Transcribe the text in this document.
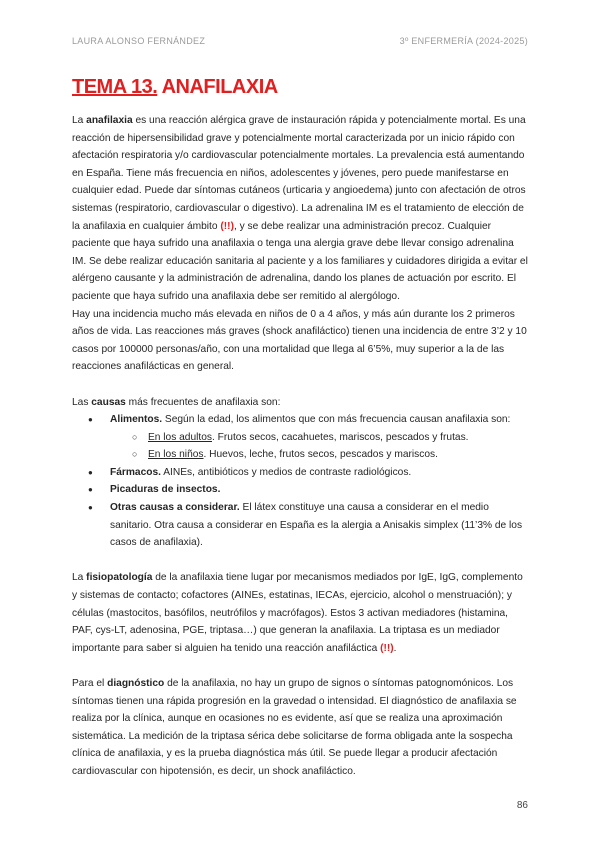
LAURA ALONSO FERNÁNDEZ	3º ENFERMERÍA (2024-2025)
TEMA 13. ANAFILAXIA

La anafilaxia es una reacción alérgica grave de instauración rápida y potencialmente mortal. Es una reacción de hipersensibilidad grave y potencialmente mortal caracterizada por un inicio rápido con afectación respiratoria y/o cardiovascular potencialmente mortales. La prevalencia está aumentando en España. Tiene más frecuencia en niños, adolescentes y jóvenes, pero puede manifestarse en cualquier edad. Puede dar síntomas cutáneos (urticaria y angioedema) junto con afectación de otros sistemas (respiratorio, cardiovascular o digestivo). La adrenalina IM es el tratamiento de elección de la anafilaxia en cualquier ámbito (!!), y se debe realizar una administración precoz. Cualquier paciente que haya sufrido una anafilaxia o tenga una alergia grave debe llevar consigo adrenalina IM. Se debe realizar educación sanitaria al paciente y a los familiares y cuidadores dirigida a evitar el alérgeno causante y la administración de adrenalina, dando los planes de actuación por escrito. El paciente que haya sufrido una anafilaxia debe ser remitido al alergólogo.

Hay una incidencia mucho más elevada en niños de 0 a 4 años, y más aún durante los 2 primeros años de vida. Las reacciones más graves (shock anafiláctico) tienen una incidencia de entre 3’2 y 10 casos por 100000 personas/año, con una mortalidad que llega al 6’5%, muy superior a la de las reacciones anafilácticas en general.

Las causas más frecuentes de anafilaxia son:

● Alimentos. Según la edad, los alimentos que con más frecuencia causan anafilaxia son:
○ En los adultos. Frutos secos, cacahuetes, mariscos, pescados y frutas.
○ En los niños. Huevos, leche, frutos secos, pescados y mariscos.
● Fármacos. AINEs, antibióticos y medios de contraste radiológicos.
● Picaduras de insectos.
● Otras causas a considerar. El látex constituye una causa a considerar en el medio sanitario. Otra causa a considerar en España es la alergia a Anisakis simplex (11’3% de los casos de anafilaxia).

La fisiopatología de la anafilaxia tiene lugar por mecanismos mediados por IgE, IgG, complemento y sistemas de contacto; cofactores (AINEs, estatinas, IECAs, ejercicio, alcohol o menstruación); y células (mastocitos, basófilos, neutrófilos y macrófagos). Estos 3 activan mediadores (histamina, PAF, cys-LT, adenosina, PGE, triptasa…) que generan la anafilaxia. La triptasa es un mediador importante para saber si alguien ha tenido una reacción anafiláctica (!!).

Para el diagnóstico de la anafilaxia, no hay un grupo de signos o síntomas patognomónicos. Los síntomas tienen una rápida progresión en la gravedad o intensidad. El diagnóstico de anafilaxia se realiza por la clínica, aunque en ocasiones no es evidente, así que se realiza una aproximación sistemática. La medición de la triptasa sérica debe solicitarse de forma obligada ante la sospecha clínica de anafilaxia, y es la prueba diagnóstica más útil. Se puede llegar a producir afectación cardiovascular con hipotensión, es decir, un shock anafiláctico.

86
